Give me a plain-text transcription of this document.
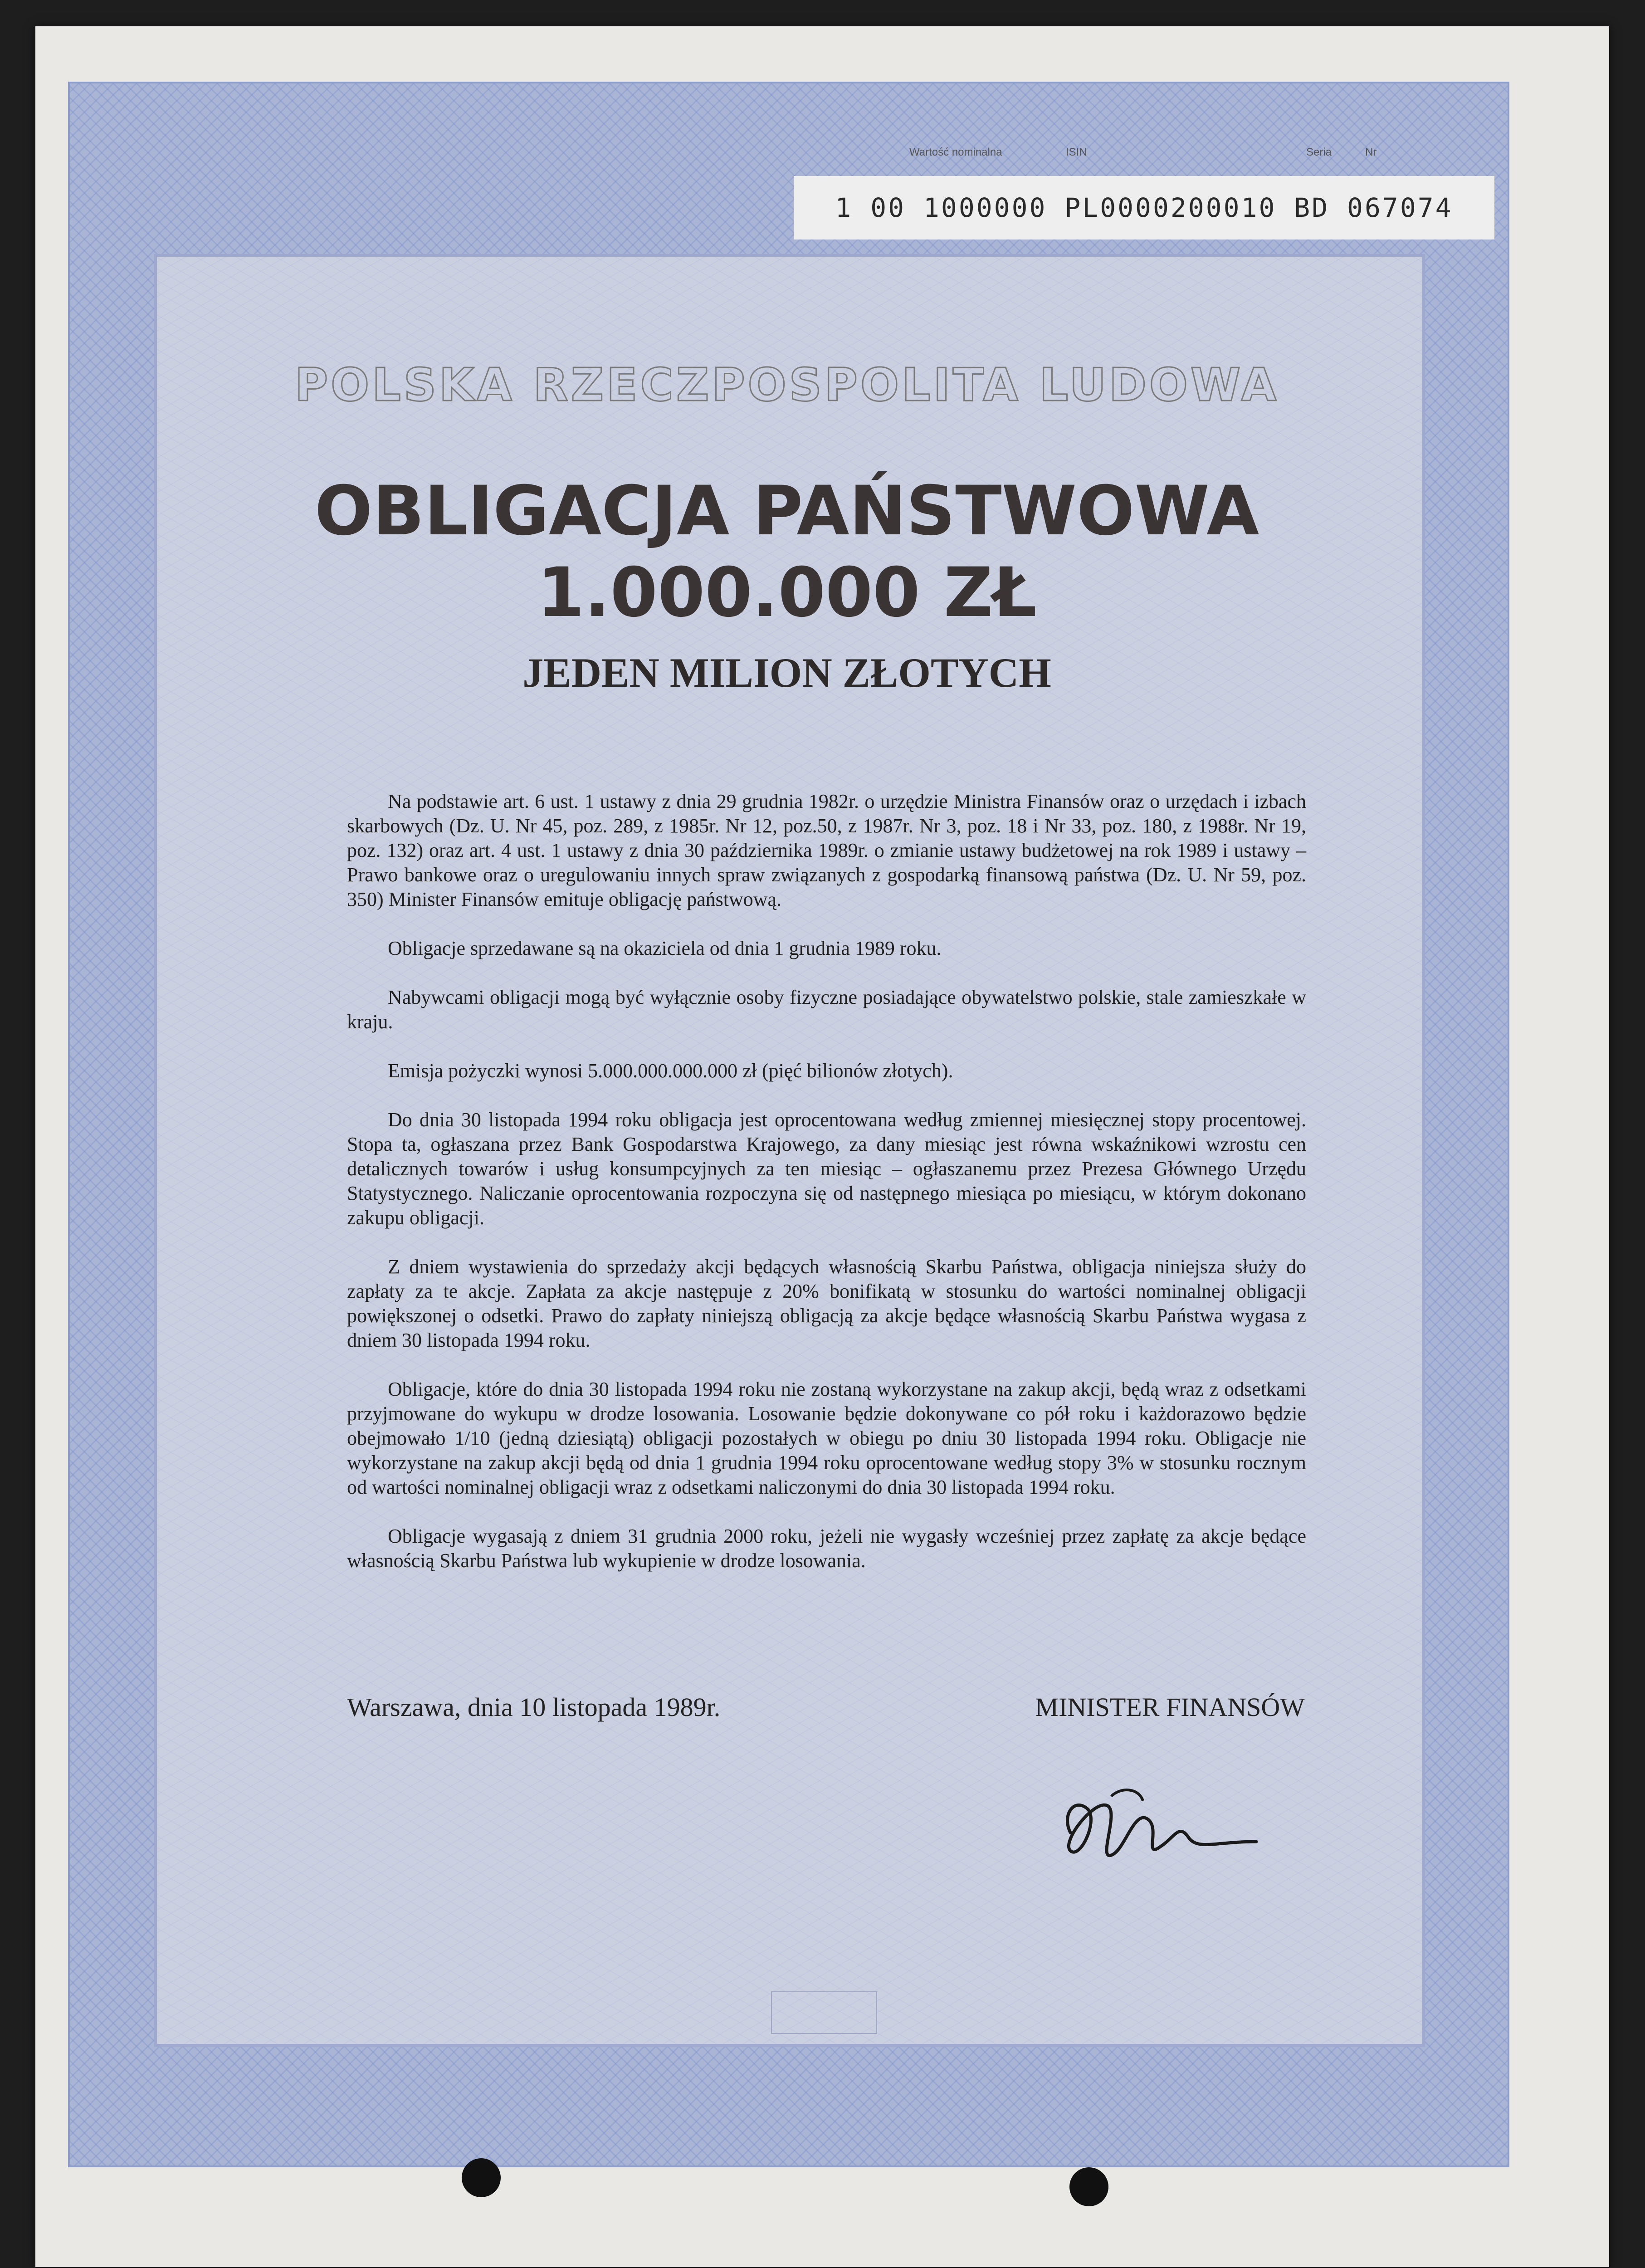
Wartość nominalna	ISIN	Seria	Nr
1 00 1000000 PL0000200010 BD 067074
POLSKA RZECZPOSPOLITA LUDOWA
OBLIGACJA PAŃSTWOWA
1.000.000 ZŁ
JEDEN MILION ZŁOTYCH

Na podstawie art. 6 ust. 1 ustawy z dnia 29 grudnia 1982r. o urzędzie Ministra Finansów oraz o urzędach i izbach skarbowych (Dz. U. Nr 45, poz. 289, z 1985r. Nr 12, poz.50, z 1987r. Nr 3, poz. 18 i Nr 33, poz. 180, z 1988r. Nr 19, poz. 132) oraz art. 4 ust. 1 ustawy z dnia 30 października 1989r. o zmianie ustawy budżetowej na rok 1989 i ustawy – Prawo bankowe oraz o uregulowaniu innych spraw związanych z gospodarką finansową państwa (Dz. U. Nr 59, poz. 350) Minister Finansów emituje obligację państwową.

Obligacje sprzedawane są na okaziciela od dnia 1 grudnia 1989 roku.

Nabywcami obligacji mogą być wyłącznie osoby fizyczne posiadające obywatelstwo polskie, stale zamieszkałe w kraju.

Emisja pożyczki wynosi 5.000.000.000.000 zł (pięć bilionów złotych).

Do dnia 30 listopada 1994 roku obligacja jest oprocentowana według zmiennej miesięcznej stopy procentowej. Stopa ta, ogłaszana przez Bank Gospodarstwa Krajowego, za dany miesiąc jest równa wskaźnikowi wzrostu cen detalicznych towarów i usług konsumpcyjnych za ten miesiąc – ogłaszanemu przez Prezesa Głównego Urzędu Statystycznego. Naliczanie oprocentowania rozpoczyna się od następnego miesiąca po miesiącu, w którym dokonano zakupu obligacji.

Z dniem wystawienia do sprzedaży akcji będących własnością Skarbu Państwa, obligacja niniejsza służy do zapłaty za te akcje. Zapłata za akcje następuje z 20% bonifikatą w stosunku do wartości nominalnej obligacji powiększonej o odsetki. Prawo do zapłaty niniejszą obligacją za akcje będące własnością Skarbu Państwa wygasa z dniem 30 listopada 1994 roku.

Obligacje, które do dnia 30 listopada 1994 roku nie zostaną wykorzystane na zakup akcji, będą wraz z odsetkami przyjmowane do wykupu w drodze losowania. Losowanie będzie dokonywane co pół roku i każdorazowo będzie obejmowało 1/10 (jedną dziesiątą) obligacji pozostałych w obiegu po dniu 30 listopada 1994 roku. Obligacje nie wykorzystane na zakup akcji będą od dnia 1 grudnia 1994 roku oprocentowane według stopy 3% w stosunku rocznym od wartości nominalnej obligacji wraz z odsetkami naliczonymi do dnia 30 listopada 1994 roku.

Obligacje wygasają z dniem 31 grudnia 2000 roku, jeżeli nie wygasły wcześniej przez zapłatę za akcje będące własnością Skarbu Państwa lub wykupienie w drodze losowania.

Warszawa, dnia 10 listopada 1989r.	MINISTER FINANSÓW
